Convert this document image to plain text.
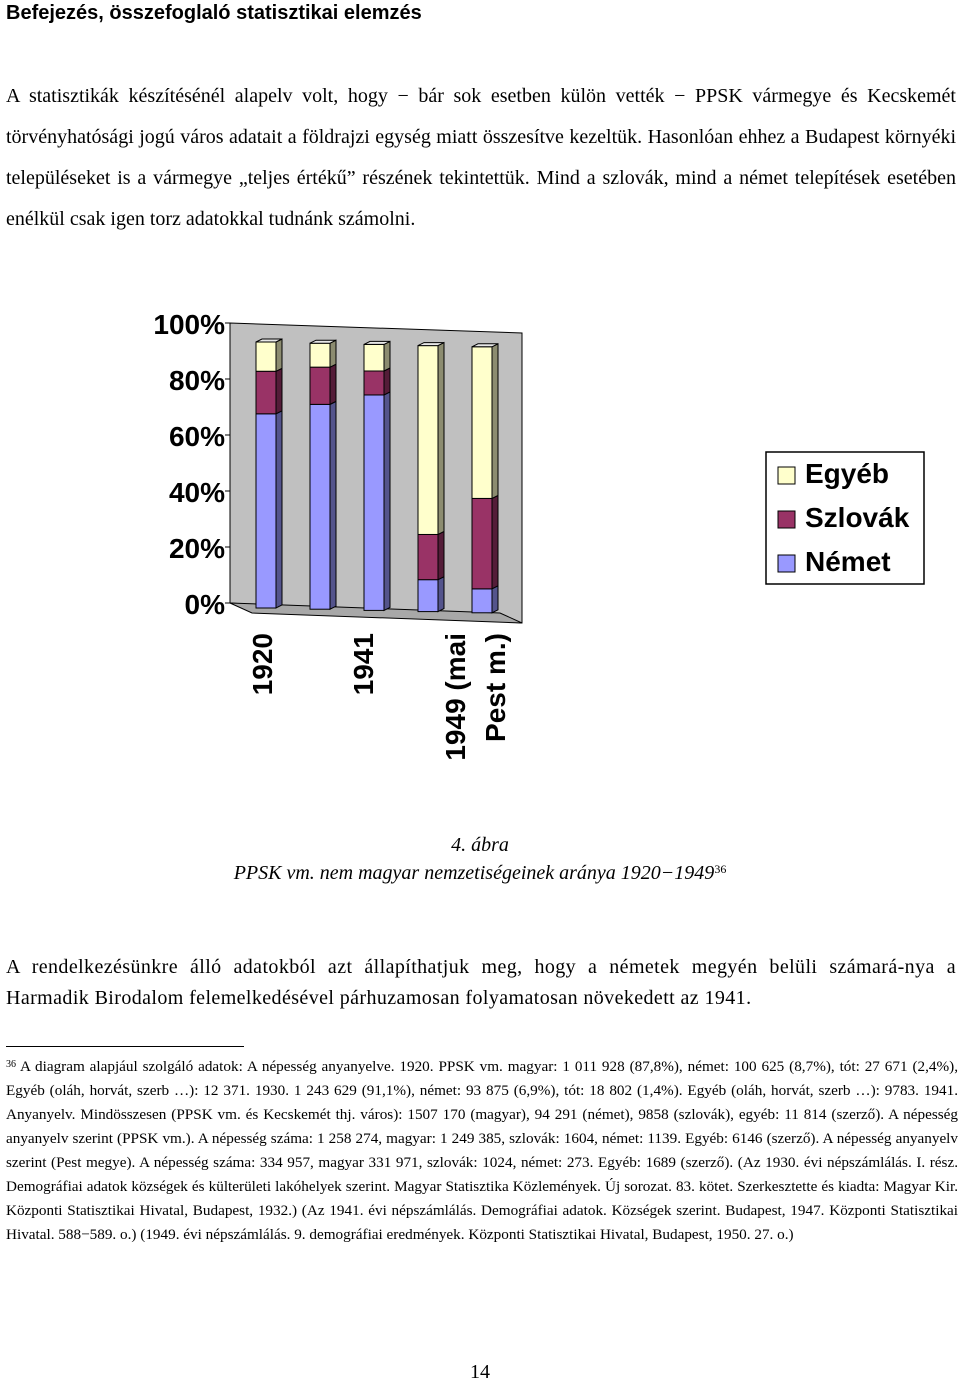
Befejezés, összefoglaló statisztikai elemzés

A statisztikák készítésénél alapelv volt, hogy − bár sok esetben külön vették − PPSK vármegye és Kecskemét törvényhatósági jogú város adatait a földrajzi egység miatt összesítve kezeltük. Hasonlóan ehhez a Budapest környéki településeket is a vármegye „teljes értékű” részének tekintettük. Mind a szlovák, mind a német telepítések esetében enélkül csak igen torz adatokkal tudnánk számolni.

100%
80%
60%
40%
20%
0%
1920	1941 1949 (mai Pest m.)
Egyéb
Szlovák
Német
4. ábra
PPSK vm. nem magyar nemzetiségeinek aránya $1920-1949^{36}$

A rendelkezésünkre álló adatokból azt állapíthatjuk meg, hogy a németek megyén belüli számará-nya a Harmadik Birodalom felemelkedésével párhuzamosan folyamatosan növekedett az 1941.

$^{36}$ A diagram alapjául szolgáló adatok: A népesség anyanyelve. 1920. PPSK vm. magyar: 1 011 928 (87,8%), német: 100 625 (8,7%), tót: 27 671 (2,4%), Egyéb (oláh, horvát, szerb …): 12 371. 1930. 1 243 629 (91,1%), német: 93 875 (6,9%), tót: 18 802 (1,4%). Egyéb (oláh, horvát, szerb …): 9783. 1941. Anyanyelv. Mindösszesen (PPSK vm. és Kecskemét thj. város): 1507 170 (magyar), 94 291 (német), 9858 (szlovák), egyéb: 11 814 (szerző). A népesség anyanyelv szerint (PPSK vm.). A népesség száma: 1 258 274, magyar: 1 249 385, szlovák: 1604, német: 1139. Egyéb: 6146 (szerző). A népesség anyanyelv szerint (Pest megye). A népesség száma: 334 957, magyar 331 971, szlovák: 1024, német: 273. Egyéb: 1689 (szerző). (Az 1930. évi népszámlálás. I. rész. Demográfiai adatok községek és külterületi lakóhelyek szerint. Magyar Statisztika Közlemények. Új sorozat. 83. kötet. Szerkesztette és kiadta: Magyar Kir. Központi Statisztikai Hivatal, Budapest, 1932.) (Az 1941. évi népszámlálás. Demográfiai adatok. Községek szerint. Budapest, 1947. Központi Statisztikai Hivatal. 588−589. o.) (1949. évi népszámlálás. 9. demográfiai eredmények. Központi Statisztikai Hivatal, Budapest, 1950. 27. o.)

14
